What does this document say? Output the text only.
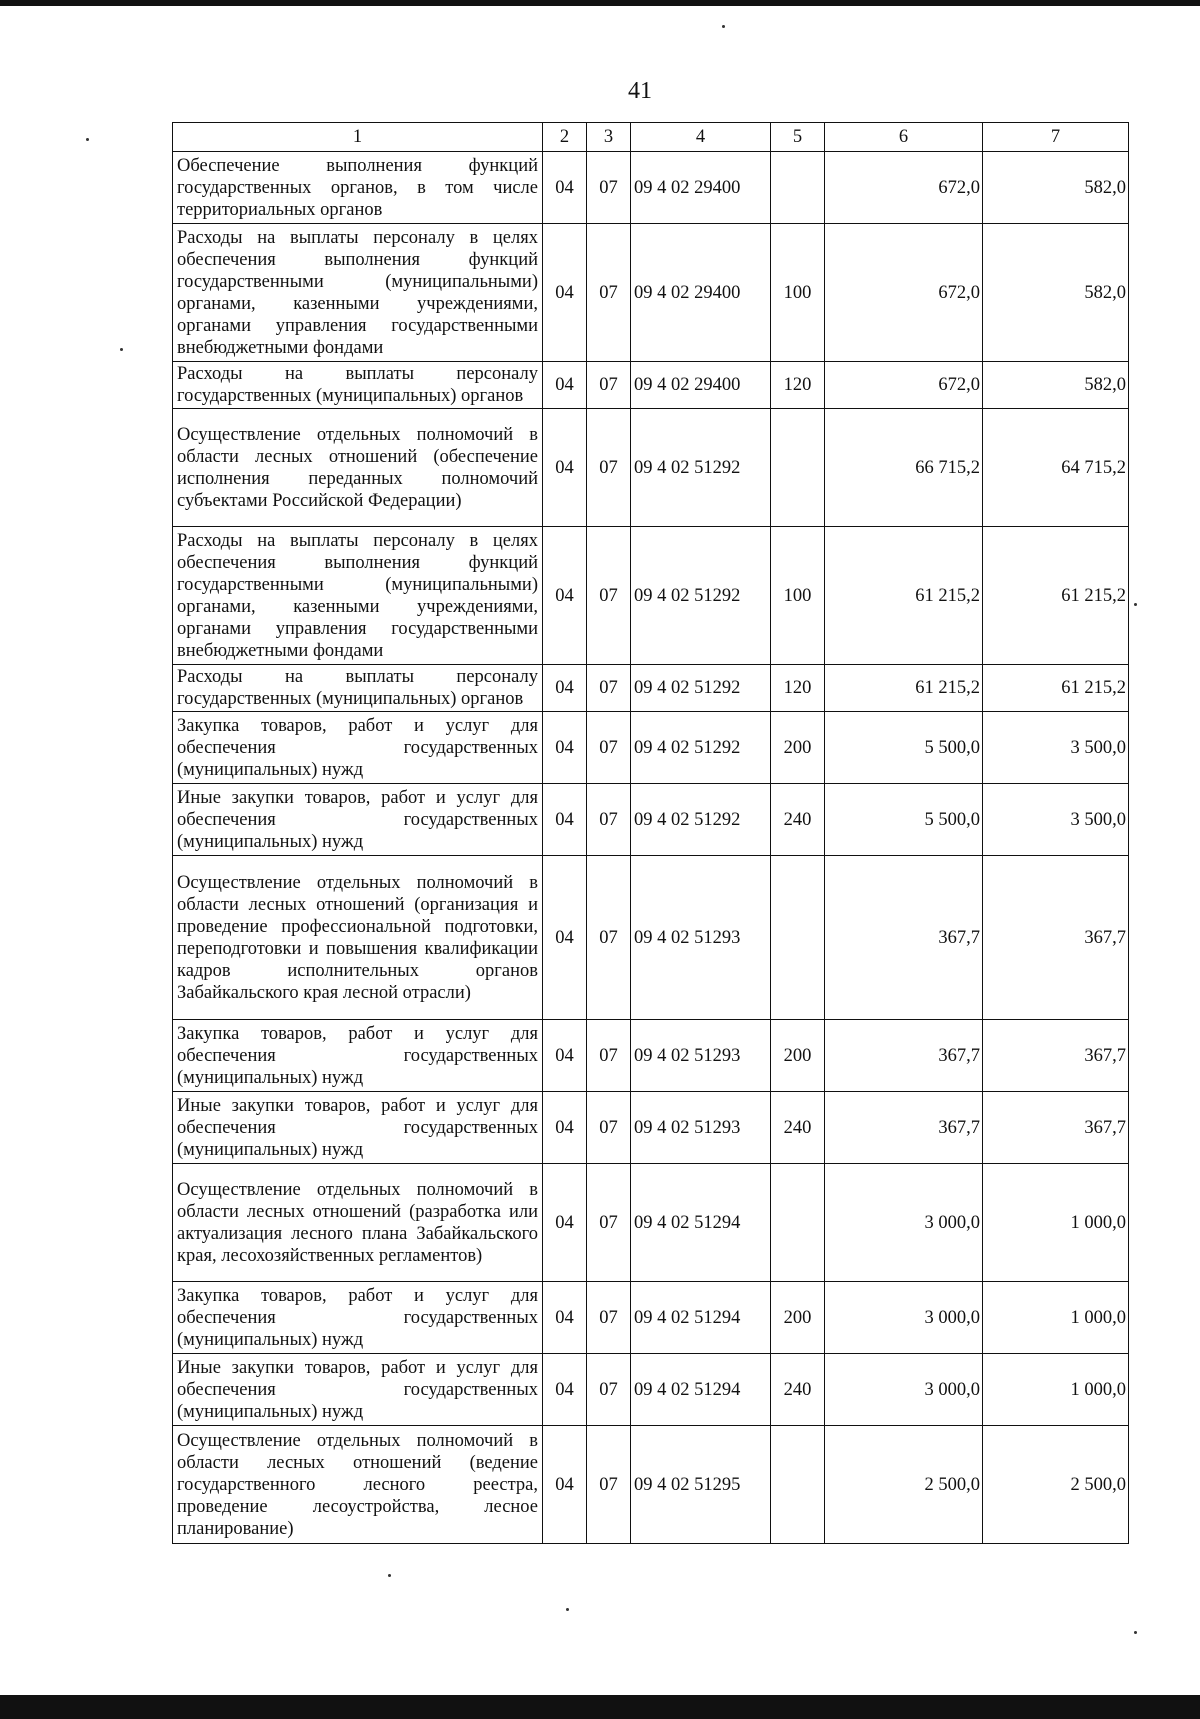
41
1	2	3	4	5	6	7
Обеспечение выполнения функций государственных органов, в том числе территориальных органов	04	07	09 4 02 29400		672,0	582,0
Расходы на выплаты персоналу в целях обеспечения выполнения функций государственными (муниципальными) органами, казенными учреждениями, органами управления государственными внебюджетными фондами	04	07	09 4 02 29400	100	672,0	582,0
Расходы на выплаты персоналу государственных (муниципальных) органов	04	07	09 4 02 29400	120	672,0	582,0
Осуществление отдельных полномочий в области лесных отношений (обеспечение исполнения переданных полномочий субъектами Российской Федерации)	04	07	09 4 02 51292		66 715,2	64 715,2
Расходы на выплаты персоналу в целях обеспечения выполнения функций государственными (муниципальными) органами, казенными учреждениями, органами управления государственными внебюджетными фондами	04	07	09 4 02 51292	100	61 215,2	61 215,2
Расходы на выплаты персоналу государственных (муниципальных) органов	04	07	09 4 02 51292	120	61 215,2	61 215,2
Закупка товаров, работ и услуг для обеспечения государственных (муниципальных) нужд	04	07	09 4 02 51292	200	5 500,0	3 500,0
Иные закупки товаров, работ и услуг для обеспечения государственных (муниципальных) нужд	04	07	09 4 02 51292	240	5 500,0	3 500,0
Осуществление отдельных полномочий в области лесных отношений (организация и проведение профессиональной подготовки, переподготовки и повышения квалификации кадров исполнительных органов Забайкальского края лесной отрасли)	04	07	09 4 02 51293		367,7	367,7
Закупка товаров, работ и услуг для обеспечения государственных (муниципальных) нужд	04	07	09 4 02 51293	200	367,7	367,7
Иные закупки товаров, работ и услуг для обеспечения государственных (муниципальных) нужд	04	07	09 4 02 51293	240	367,7	367,7
Осуществление отдельных полномочий в области лесных отношений (разработка или актуализация лесного плана Забайкальского края, лесохозяйственных регламентов)	04	07	09 4 02 51294		3 000,0	1 000,0
Закупка товаров, работ и услуг для обеспечения государственных (муниципальных) нужд	04	07	09 4 02 51294	200	3 000,0	1 000,0
Иные закупки товаров, работ и услуг для обеспечения государственных (муниципальных) нужд	04	07	09 4 02 51294	240	3 000,0	1 000,0
Осуществление отдельных полномочий в области лесных отношений (ведение государственного лесного реестра, проведение лесоустройства, лесное планирование)	04	07	09 4 02 51295		2 500,0	2 500,0
